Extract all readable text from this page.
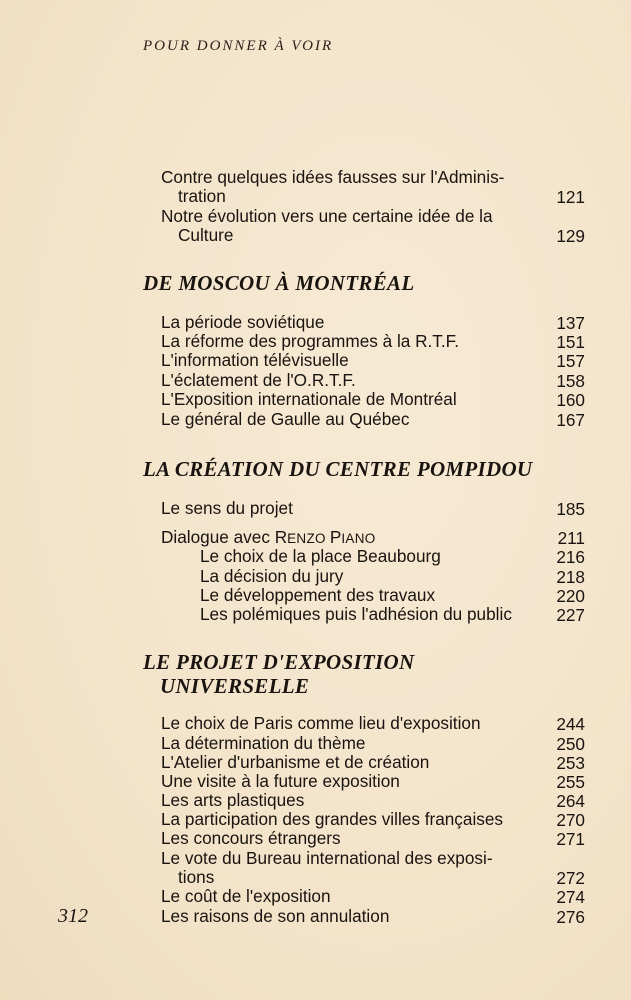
POUR DONNER À VOIR
Contre quelques idées fausses sur l'Adminis-
tration	121
Notre évolution vers une certaine idée de la
Culture	129
DE MOSCOU À MONTRÉAL
La période soviétique	137
La réforme des programmes à la R.T.F.	151
L'information télévisuelle	157
L'éclatement de l'O.R.T.F.	158
L'Exposition internationale de Montréal	160
Le général de Gaulle au Québec	167
LA CRÉATION DU CENTRE POMPIDOU
Le sens du projet	185
Dialogue avec RENZO PIANO	211
Le choix de la place Beaubourg	216
La décision du jury	218
Le développement des travaux	220
Les polémiques puis l'adhésion du public	227
LE PROJET D'EXPOSITION
UNIVERSELLE
Le choix de Paris comme lieu d'exposition	244
La détermination du thème	250
L'Atelier d'urbanisme et de création	253
Une visite à la future exposition	255
Les arts plastiques	264
La participation des grandes villes françaises	270
Les concours étrangers	271
Le vote du Bureau international des exposi-
tions	272
Le coût de l'exposition	274
Les raisons de son annulation	276
312
